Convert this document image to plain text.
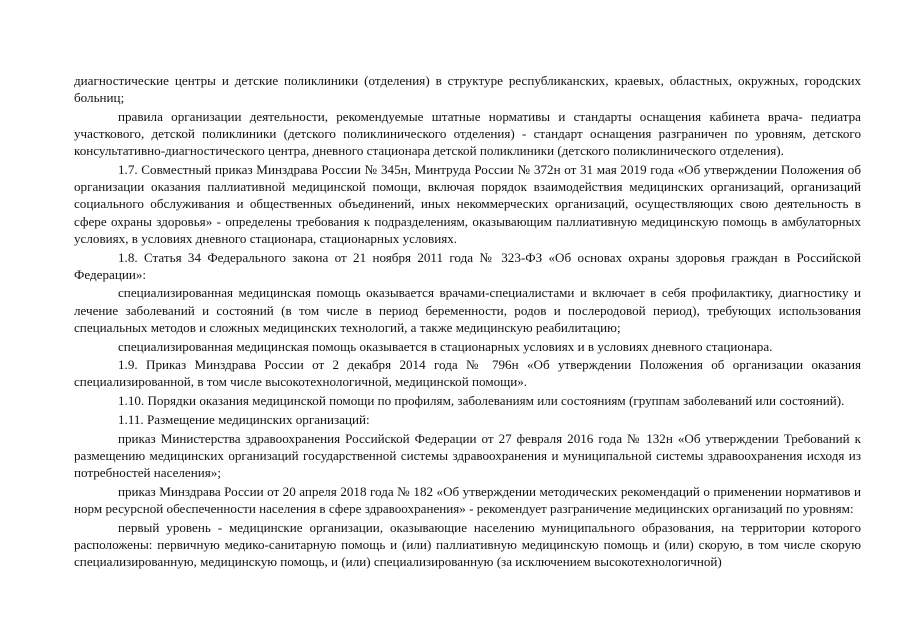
диагностические центры и детские поликлиники (отделения) в структуре республиканских, краевых, областных, окружных, городских больниц;

правила организации деятельности, рекомендуемые штатные нормативы и стандарты оснащения кабинета врача- педиатра участкового, детской поликлиники (детского поликлинического отделения) - стандарт оснащения разграничен по уровням, детского консультативно-диагностического центра, дневного стационара детской поликлиники (детского поликлинического отделения).

1.7. Совместный приказ Минздрава России № 345н, Минтруда России № 372н от 31 мая 2019 года «Об утверждении Положения об организации оказания паллиативной медицинской помощи, включая порядок взаимодействия медицинских организаций, организаций социального обслуживания и общественных объединений, иных некоммерческих организаций, осуществляющих свою деятельность в сфере охраны здоровья» - определены требования к подразделениям, оказывающим паллиативную медицинскую помощь в амбулаторных условиях, в условиях дневного стационара, стационарных условиях.

1.8. Статья 34 Федерального закона от 21 ноября 2011 года № 323-ФЗ «Об основах охраны здоровья граждан в Российской Федерации»:

специализированная медицинская помощь оказывается врачами-специалистами и включает в себя профилактику, диагностику и лечение заболеваний и состояний (в том числе в период беременности, родов и послеродовой период), требующих использования специальных методов и сложных медицинских технологий, а также медицинскую реабилитацию;

специализированная медицинская помощь оказывается в стационарных условиях и в условиях дневного стационара.

1.9. Приказ Минздрава России от 2 декабря 2014 года № 796н «Об утверждении Положения об организации оказания специализированной, в том числе высокотехнологичной, медицинской помощи».

1.10. Порядки оказания медицинской помощи по профилям, заболеваниям или состояниям (группам заболеваний или состояний).

1.11. Размещение медицинских организаций:

приказ Министерства здравоохранения Российской Федерации от 27 февраля 2016 года № 132н «Об утверждении Требований к размещению медицинских организаций государственной системы здравоохранения и муниципальной системы здравоохранения исходя из потребностей населения»;

приказ Минздрава России от 20 апреля 2018 года № 182 «Об утверждении методических рекомендаций о применении нормативов и норм ресурсной обеспеченности населения в сфере здравоохранения» - рекомендует разграничение медицинских организаций по уровням:

первый уровень - медицинские организации, оказывающие населению муниципального образования, на территории которого расположены: первичную медико-санитарную помощь и (или) паллиативную медицинскую помощь и (или) скорую, в том числе скорую специализированную, медицинскую помощь, и (или) специализированную (за исключением высокотехнологичной)
